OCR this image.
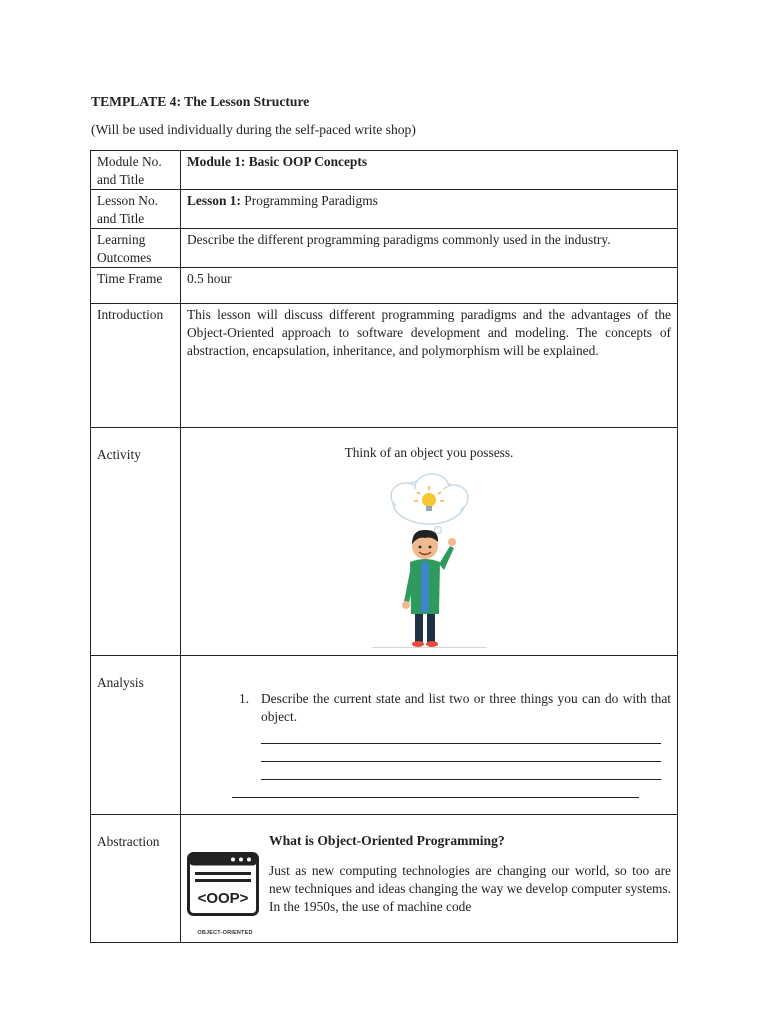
TEMPLATE 4: The Lesson Structure
(Will be used individually during the self-paced write shop)
Module No. and Title	Module 1: Basic OOP Concepts
Lesson No. and Title	Lesson 1: Programming Paradigms
Learning Outcomes	Describe the different programming paradigms commonly used in the industry.
Time Frame	0.5 hour
Introduction	This lesson will discuss different programming paradigms and the advantages of the Object-Oriented approach to software development and modeling. The concepts of abstraction, encapsulation, inheritance, and polymorphism will be explained.

Activity	Think of an object you possess.

Analysis	1. Describe the current state and list two or three things you can do with that object.

Abstraction	<OOP>
OBJECT-ORIENTED
What is Object-Oriented Programming?
Just as new computing technologies are changing our world, so too are new techniques and ideas changing the way we develop computer systems. In the 1950s, the use of machine code
